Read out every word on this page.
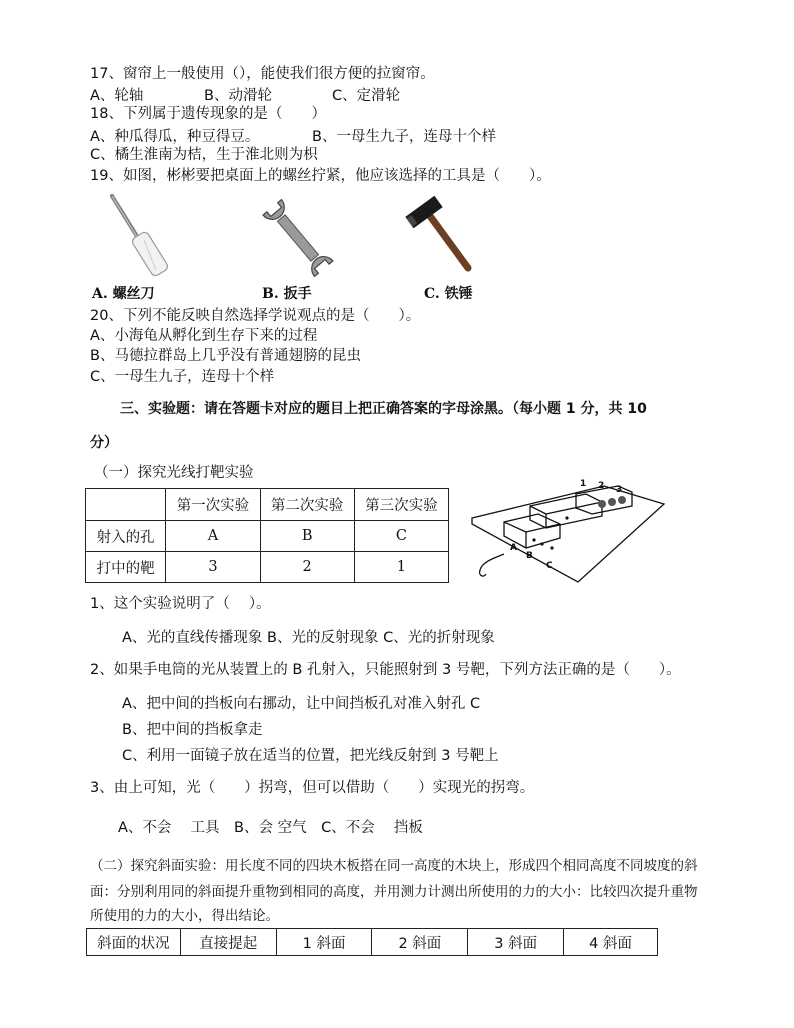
17、窗帘上一般使用（），能使我们很方便的拉窗帘。
A、轮轴	B、动滑轮	C、定滑轮
18、下列属于遗传现象的是（　　）
A、种瓜得瓜，种豆得豆。	B、一母生九子，连母十个样
C、橘生淮南为桔，生于淮北则为枳
19、如图，彬彬要把桌面上的螺丝拧紧，他应该选择的工具是（　　）。
A. 螺丝刀	B. 扳手	C. 铁锤
20、下列不能反映自然选择学说观点的是（　　）。
A、小海龟从孵化到生存下来的过程
B、马德拉群岛上几乎没有普通翅膀的昆虫
C、一母生九子，连母十个样
三、实验题：请在答题卡对应的题目上把正确答案的字母涂黑。（每小题 1 分，共 10
分）
（一）探究光线打靶实验
	第一次实验	第二次实验	第三次实验
射入的孔	A	B	C
打中的靶	3	2	1
1 2 3
A
B
C
1、这个实验说明了（　 ）。
A、光的直线传播现象 B、光的反射现象 C、光的折射现象
2、如果手电筒的光从装置上的 B 孔射入，只能照射到 3 号靶，下列方法正确的是（　　）。
A、把中间的挡板向右挪动，让中间挡板孔对准入射孔 C
B、把中间的挡板拿走
C、利用一面镜子放在适当的位置，把光线反射到 3 号靶上
3、由上可知，光（　　）拐弯，但可以借助（　　）实现光的拐弯。
A、不会　 工具　B、会 空气　C、不会　 挡板
（二）探究斜面实验：用长度不同的四块木板搭在同一高度的木块上，形成四个相同高度不同坡度的斜
面：分别利用同的斜面提升重物到相同的高度，并用测力计测出所使用的力的大小：比较四次提升重物
所使用的力的大小，得出结论。
斜面的状况	直接提起	1 斜面	2 斜面	3 斜面	4 斜面
